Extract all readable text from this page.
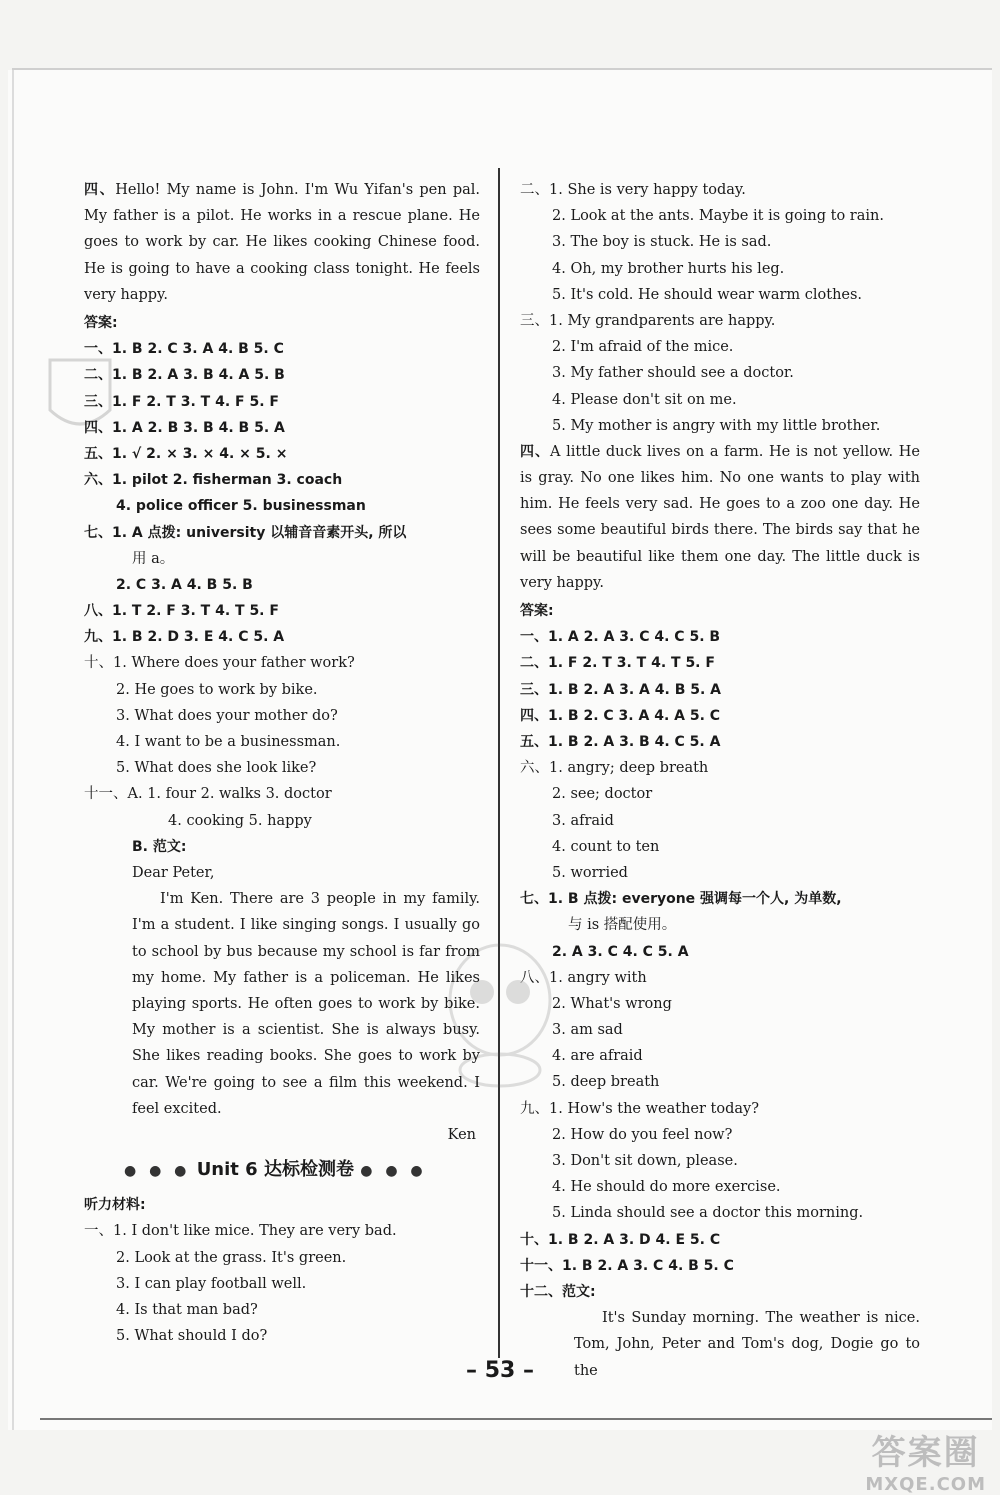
四、Hello! My name is John. I'm Wu Yifan's pen pal. My father is a pilot. He works in a rescue plane. He goes to work by car. He likes cooking Chinese food. He is going to have a cooking class tonight. He feels very happy.
答案:
一、1. B 2. C 3. A 4. B 5. C
二、1. B 2. A 3. B 4. A 5. B
三、1. F 2. T 3. T 4. F 5. F
四、1. A 2. B 3. B 4. B 5. A
五、1. √ 2. × 3. × 4. × 5. ×
六、1. pilot 2. fisherman 3. coach
4. police officer 5. businessman
七、1. A 点拨: university 以辅音音素开头, 所以
用 a。
2. C 3. A 4. B 5. B
八、1. T 2. F 3. T 4. T 5. F
九、1. B 2. D 3. E 4. C 5. A
十、1. Where does your father work?
2. He goes to work by bike.
3. What does your mother do?
4. I want to be a businessman.
5. What does she look like?
十一、A. 1. four 2. walks 3. doctor
4. cooking 5. happy
B. 范文:
Dear Peter,
I'm Ken. There are 3 people in my family. I'm a student. I like singing songs. I usually go to school by bus because my school is far from my home. My father is a policeman. He likes playing sports. He often goes to work by bike. My mother is a scientist. She is always busy. She likes reading books. She goes to work by car. We're going to see a film this weekend. I feel excited.
Ken
● ● ● Unit 6 达标检测卷 ● ● ●
听力材料:
一、1. I don't like mice. They are very bad.
2. Look at the grass. It's green.
3. I can play football well.
4. Is that man bad?
5. What should I do?
二、1. She is very happy today.
2. Look at the ants. Maybe it is going to rain.
3. The boy is stuck. He is sad.
4. Oh, my brother hurts his leg.
5. It's cold. He should wear warm clothes.
三、1. My grandparents are happy.
2. I'm afraid of the mice.
3. My father should see a doctor.
4. Please don't sit on me.
5. My mother is angry with my little brother.
四、A little duck lives on a farm. He is not yellow. He is gray. No one likes him. No one wants to play with him. He feels very sad. He goes to a zoo one day. He sees some beautiful birds there. The birds say that he will be beautiful like them one day. The little duck is very happy.
答案:
一、1. A 2. A 3. C 4. C 5. B
二、1. F 2. T 3. T 4. T 5. F
三、1. B 2. A 3. A 4. B 5. A
四、1. B 2. C 3. A 4. A 5. C
五、1. B 2. A 3. B 4. C 5. A
六、1. angry; deep breath
2. see; doctor
3. afraid
4. count to ten
5. worried
七、1. B 点拨: everyone 强调每一个人, 为单数,
与 is 搭配使用。
2. A 3. C 4. C 5. A
八、1. angry with
2. What's wrong
3. am sad
4. are afraid
5. deep breath
九、1. How's the weather today?
2. How do you feel now?
3. Don't sit down, please.
4. He should do more exercise.
5. Linda should see a doctor this morning.
十、1. B 2. A 3. D 4. E 5. C
十一、1. B 2. A 3. C 4. B 5. C
十二、范文:
It's Sunday morning. The weather is nice. Tom, John, Peter and Tom's dog, Dogie go to the
– 53 –
答案圈
MXQE.COM
